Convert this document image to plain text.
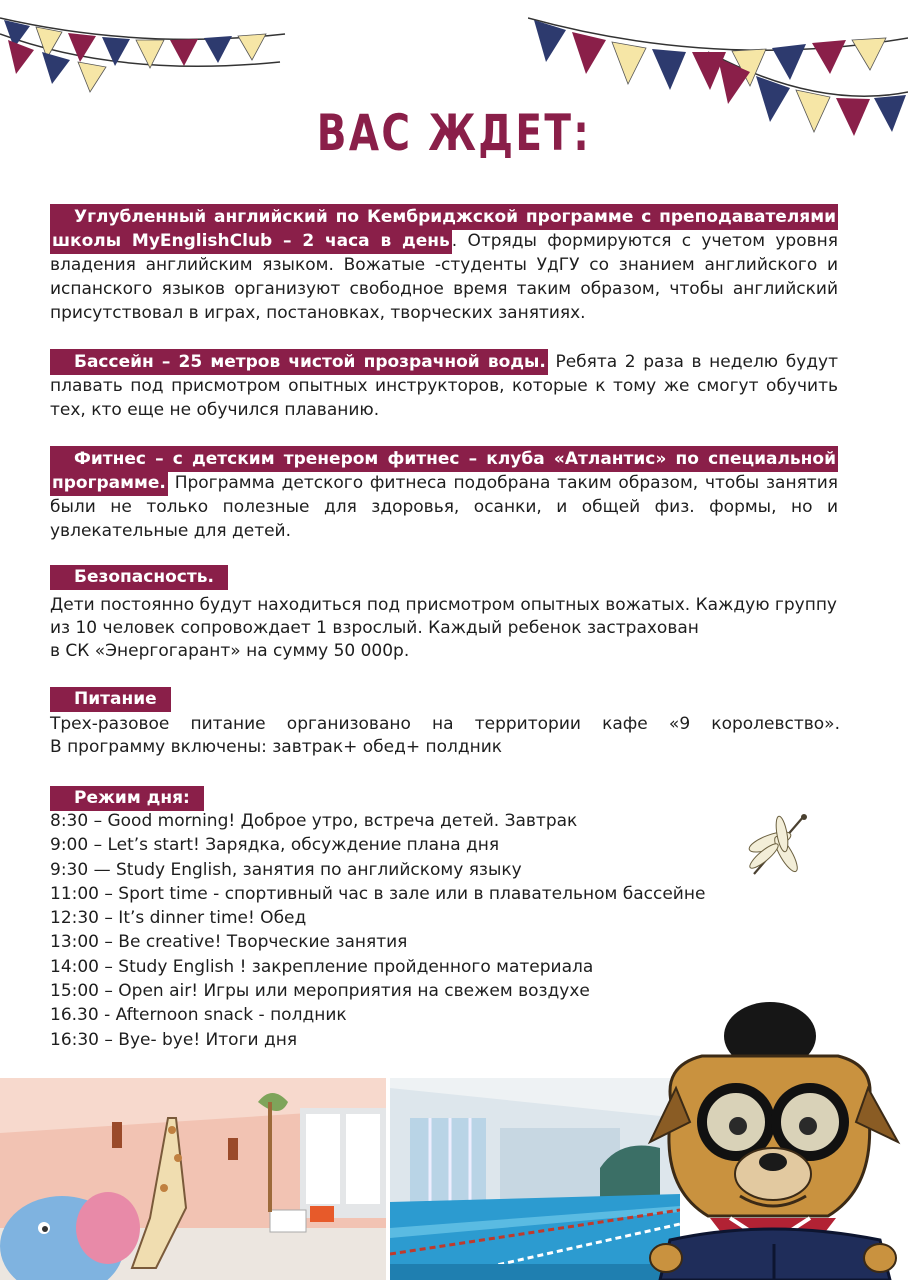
ВАС ЖДЕТ:
Углубленный английский по Кембриджской программе с преподавателями школы MyEnglishClub – 2 часа в день . Отряды формируются с учетом уровня владения английским языком. Вожатые -студенты УдГУ со знанием английского и испанского языков организуют свободное время таким образом, чтобы английский присутствовал в играх, постановках, творческих занятиях.
Бассейн – 25 метров чистой прозрачной воды. Ребята 2 раза в неделю будут плавать под присмотром опытных инструкторов, которые к тому же смогут обучить тех, кто еще не обучился плаванию.
Фитнес – с детским тренером фитнес – клуба «Атлантис» по специальной программе. Программа детского фитнеса подобрана таким образом, чтобы занятия были не только полезные для здоровья, осанки, и общей физ. формы, но и увлекательные для детей.
Безопасность.
Дети постоянно будут находиться под присмотром опытных вожатых. Каждую группу
из 10 человек сопровождает 1 взрослый. Каждый ребенок застрахован
в СК «Энергогарант» на сумму 50 000р.
Питание
Трех-разовое питание организовано на территории кафе «9 королевство».
В программу включены: завтрак+ обед+ полдник
Режим дня:
8:30 – Good morning! Доброе утро, встреча детей. Завтрак
9:00 – Let’s start! Зарядка, обсуждение плана дня
9:30 — Study English, занятия по английскому языку
11:00 – Sport time - спортивный час в зале или в плавательном бассейне
12:30 – It’s dinner time! Обед
13:00 – Be creative! Творческие занятия
14:00 – Study English ! закрепление пройденного материала
15:00 – Open air! Игры или мероприятия на свежем воздухе
16.30 - Afternoon snack - полдник
16:30 – Bye- bye! Итоги дня
